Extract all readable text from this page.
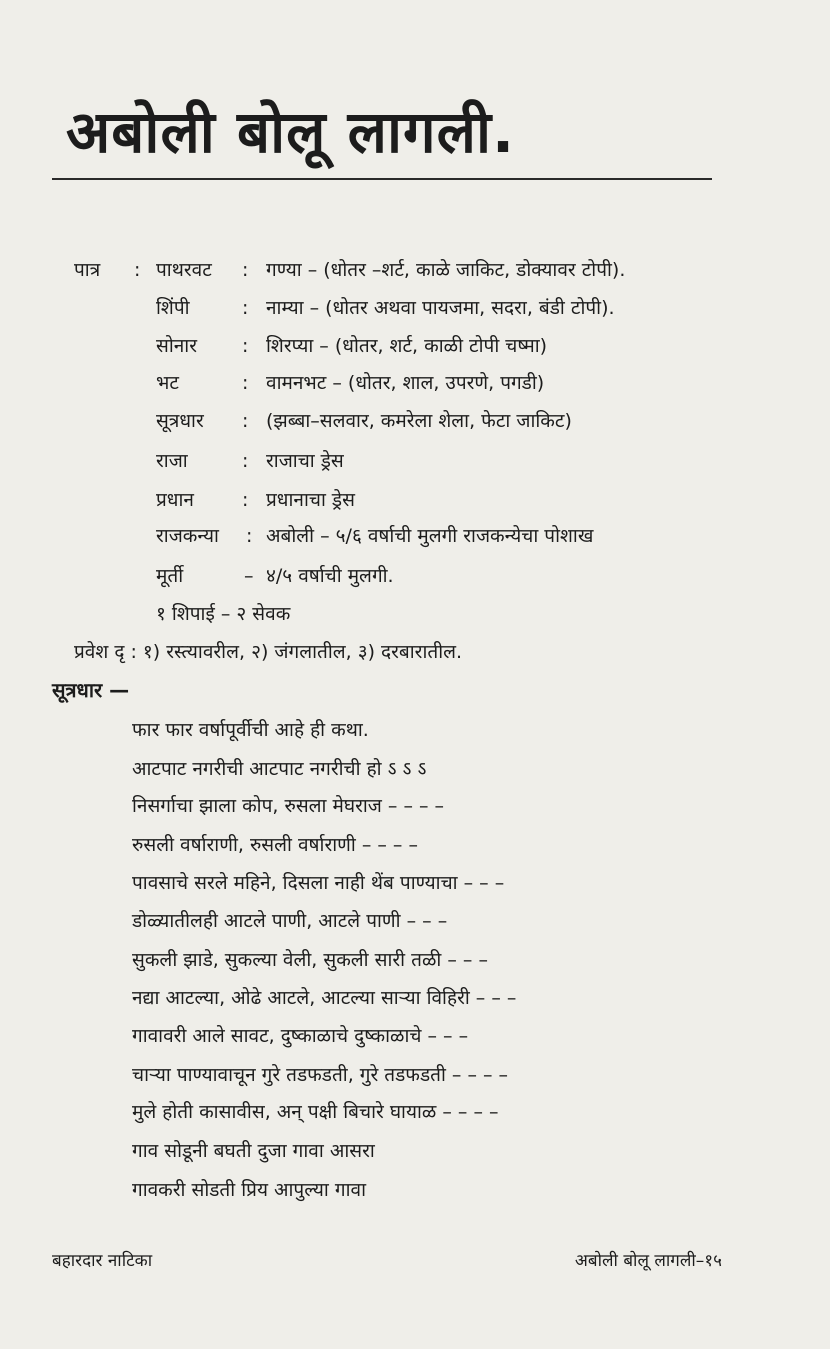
अबोली बोलू लागली.
पात्र : पाथरवट : गण्या – (धोतर –शर्ट, काळे जाकिट, डोक्यावर टोपी).
शिंपी	: नाम्या – (धोतर अथवा पायजमा, सदरा, बंडी टोपी).
सोनार : शिरप्या – (धोतर, शर्ट, काळी टोपी चष्मा)
भट	: वामनभट – (धोतर, शाल, उपरणे, पगडी)
सूत्रधार : (झब्बा–सलवार, कमरेला शेला, फेटा जाकिट)
राजा	: राजाचा ड्रेस
प्रधान	: प्रधानाचा ड्रेस
राजकन्या : अबोली – ५/६ वर्षाची मुलगी राजकन्येचा पोशाख
मूर्ती	– ४/५ वर्षाची मुलगी.
१ शिपाई – २ सेवक
प्रवेश दृ : १) रस्त्यावरील, २) जंगलातील, ३) दरबारातील.
सूत्रधार —
फार फार वर्षापूर्वीची आहे ही कथा.
आटपाट नगरीची आटपाट नगरीची हो ऽ ऽ ऽ
निसर्गाचा झाला कोप, रुसला मेघराज – – – –
रुसली वर्षाराणी, रुसली वर्षाराणी – – – –
पावसाचे सरले महिने, दिसला नाही थेंब पाण्याचा – – –
डोळ्यातीलही आटले पाणी, आटले पाणी – – –
सुकली झाडे, सुकल्या वेली, सुकली सारी तळी – – –
नद्या आटल्या, ओढे आटले, आटल्या साऱ्या विहिरी – – –
गावावरी आले सावट, दुष्काळाचे दुष्काळाचे – – –
चाऱ्या पाण्यावाचून गुरे तडफडती, गुरे तडफडती – – – –
मुले होती कासावीस, अन् पक्षी बिचारे घायाळ – – – –
गाव सोडूनी बघती दुजा गावा आसरा
गावकरी सोडती प्रिय आपुल्या गावा
बहारदार नाटिका	अबोली बोलू लागली–१५
